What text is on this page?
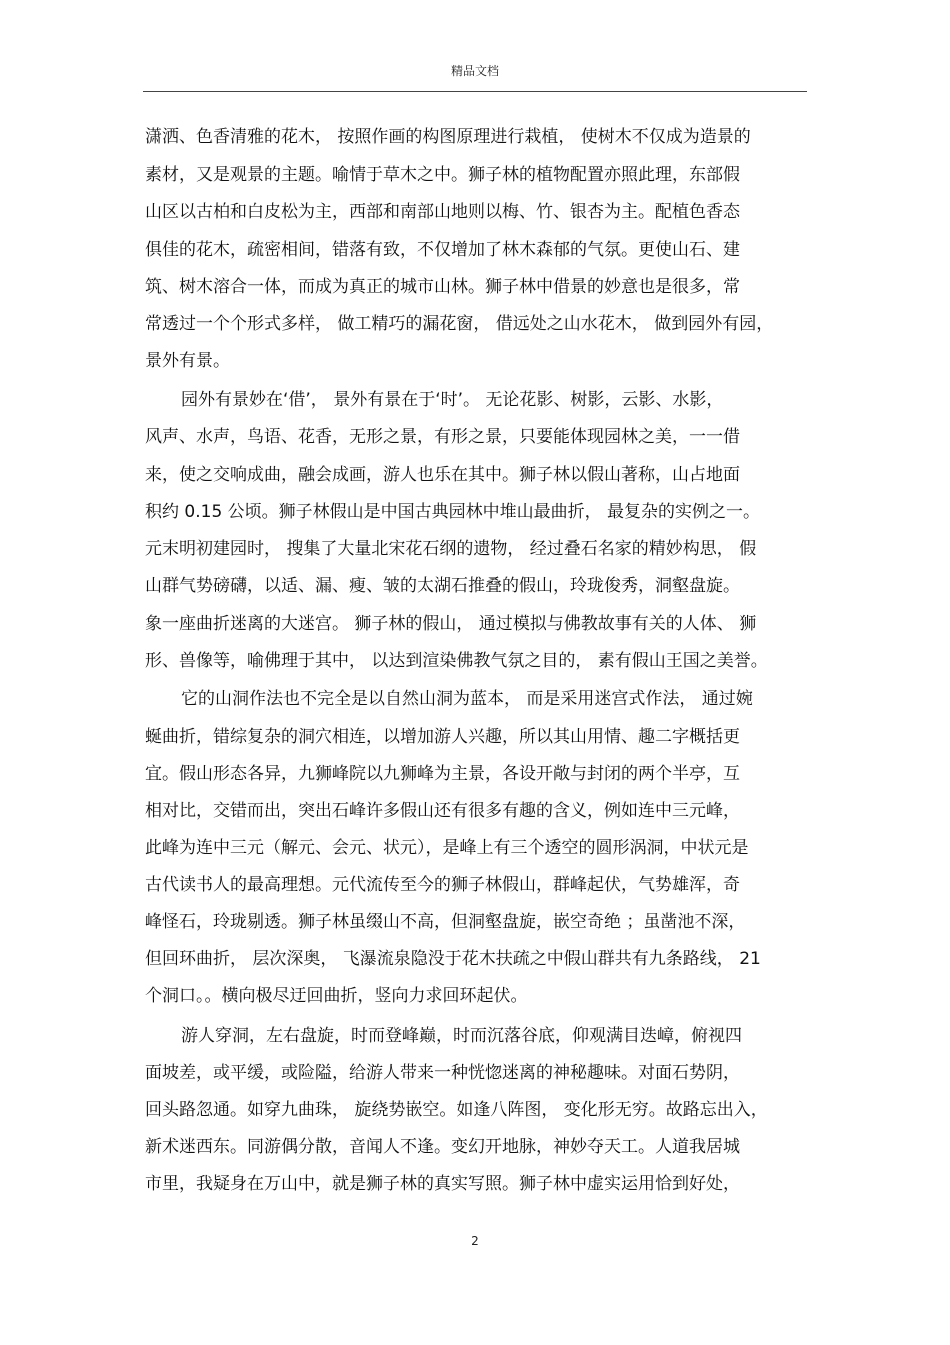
精品文档
潇洒、色香清雅的花木， 按照作画的构图原理进行栽植， 使树木不仅成为造景的
素材，又是观景的主题。喻情于草木之中。狮子林的植物配置亦照此理，东部假
山区以古柏和白皮松为主，西部和南部山地则以梅、竹、银杏为主。配植色香态
俱佳的花木，疏密相间，错落有致，不仅增加了林木森郁的气氛。更使山石、建
筑、树木溶合一体，而成为真正的城市山林。狮子林中借景的妙意也是很多，常
常透过一个个形式多样， 做工精巧的漏花窗， 借远处之山水花木， 做到园外有园，
景外有景。
园外有景妙在‘借’， 景外有景在于‘时’。 无论花影、树影，云影、水影，
风声、水声，鸟语、花香，无形之景，有形之景，只要能体现园林之美，一一借
来，使之交响成曲，融会成画，游人也乐在其中。狮子林以假山著称，山占地面
积约 0.15 公顷。狮子林假山是中国古典园林中堆山最曲折， 最复杂的实例之一。
元末明初建园时， 搜集了大量北宋花石纲的遗物， 经过叠石名家的精妙构思， 假
山群气势磅礴，以适、漏、瘦、皱的太湖石推叠的假山，玲珑俊秀，洞壑盘旋。
象一座曲折迷离的大迷宫。 狮子林的假山， 通过模拟与佛教故事有关的人体、 狮
形、兽像等，喻佛理于其中， 以达到渲染佛教气氛之目的， 素有假山王国之美誉。
它的山洞作法也不完全是以自然山洞为蓝本， 而是采用迷宫式作法， 通过婉
蜒曲折，错综复杂的洞穴相连，以增加游人兴趣，所以其山用情、趣二字概括更
宜。假山形态各异，九狮峰院以九狮峰为主景，各设开敞与封闭的两个半亭，互
相对比，交错而出，突出石峰许多假山还有很多有趣的含义，例如连中三元峰，
此峰为连中三元（解元、会元、状元），是峰上有三个透空的圆形涡洞，中状元是
古代读书人的最高理想。元代流传至今的狮子林假山，群峰起伏，气势雄浑，奇
峰怪石，玲珑剔透。狮子林虽缀山不高，但洞壑盘旋，嵌空奇绝 ；虽凿池不深，
但回环曲折， 层次深奥， 飞瀑流泉隐没于花木扶疏之中假山群共有九条路线， 21
个洞口。。横向极尽迂回曲折，竖向力求回环起伏。
游人穿洞，左右盘旋，时而登峰巅，时而沉落谷底，仰观满目迭嶂，俯视四
面坡差，或平缓，或险隘，给游人带来一种恍惚迷离的神秘趣味。对面石势阴，
回头路忽通。如穿九曲珠， 旋绕势嵌空。如逢八阵图， 变化形无穷。故路忘出入，
新术迷西东。同游偶分散，音闻人不逢。变幻开地脉，神妙夺天工。人道我居城
市里，我疑身在万山中，就是狮子林的真实写照。狮子林中虚实运用恰到好处，
2
